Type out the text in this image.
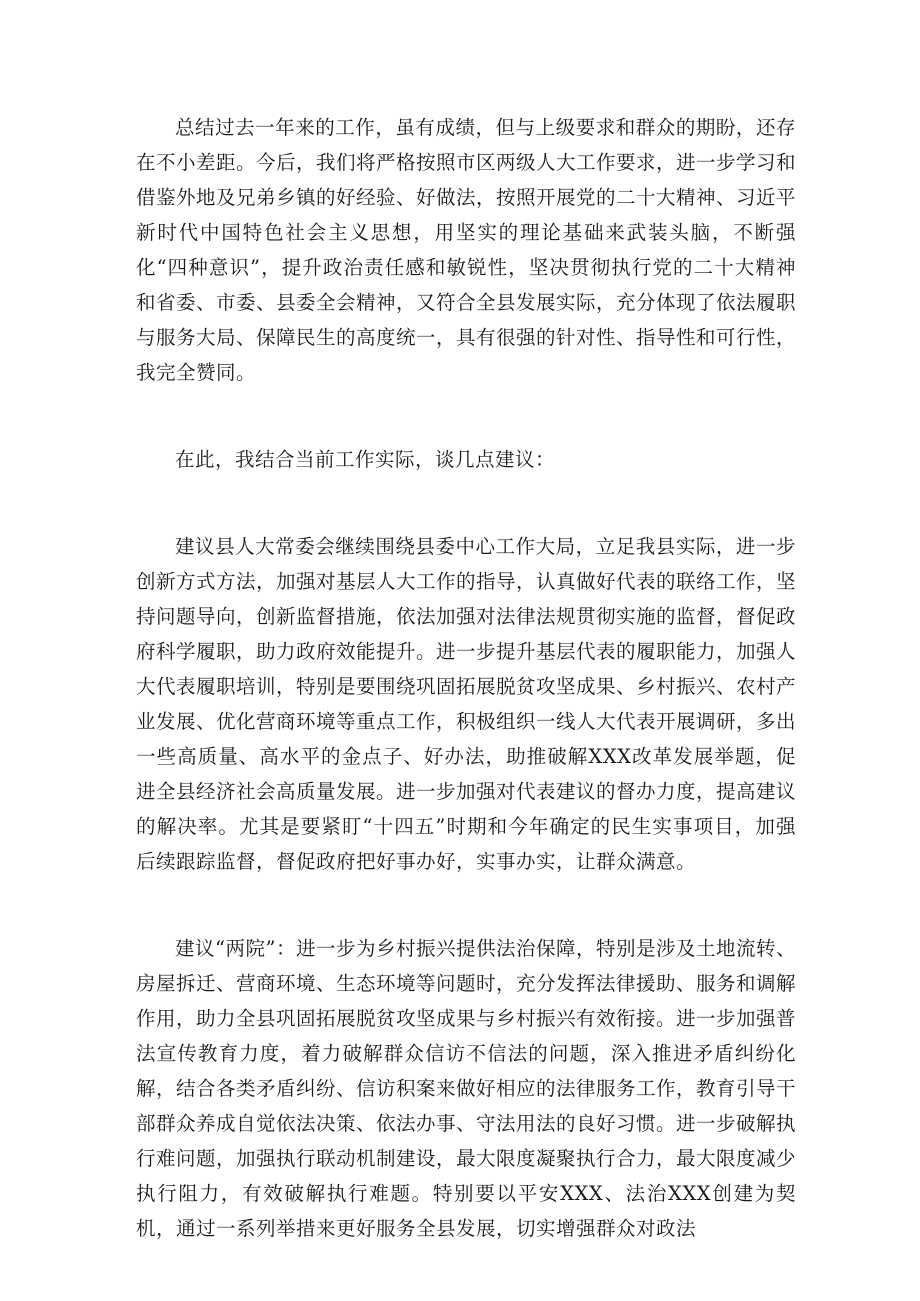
总结过去一年来的工作，虽有成绩，但与上级要求和群众的期盼，还存在不小差距。今后，我们将严格按照市区两级人大工作要求，进一步学习和借鉴外地及兄弟乡镇的好经验、好做法，按照开展党的二十大精神、习近平新时代中国特色社会主义思想，用坚实的理论基础来武装头脑，不断强化“四种意识”，提升政治责任感和敏锐性，坚决贯彻执行党的二十大精神和省委、市委、县委全会精神，又符合全县发展实际，充分体现了依法履职与服务大局、保障民生的高度统一，具有很强的针对性、指导性和可行性，我完全赞同。

在此，我结合当前工作实际，谈几点建议：

建议县人大常委会继续围绕县委中心工作大局，立足我县实际，进一步创新方式方法，加强对基层人大工作的指导，认真做好代表的联络工作，坚持问题导向，创新监督措施，依法加强对法律法规贯彻实施的监督，督促政府科学履职，助力政府效能提升。进一步提升基层代表的履职能力，加强人大代表履职培训，特别是要围绕巩固拓展脱贫攻坚成果、乡村振兴、农村产业发展、优化营商环境等重点工作，积极组织一线人大代表开展调研，多出一些高质量、高水平的金点子、好办法，助推破解XXX改革发展举题，促进全县经济社会高质量发展。进一步加强对代表建议的督办力度，提高建议的解决率。尤其是要紧盯“十四五”时期和今年确定的民生实事项目，加强后续跟踪监督，督促政府把好事办好，实事办实，让群众满意。

建议“两院”：进一步为乡村振兴提供法治保障，特别是涉及土地流转、房屋拆迁、营商环境、生态环境等问题时，充分发挥法律援助、服务和调解作用，助力全县巩固拓展脱贫攻坚成果与乡村振兴有效衔接。进一步加强普法宣传教育力度，着力破解群众信访不信法的问题，深入推进矛盾纠纷化解，结合各类矛盾纠纷、信访积案来做好相应的法律服务工作，教育引导干部群众养成自觉依法决策、依法办事、守法用法的良好习惯。进一步破解执行难问题，加强执行联动机制建设，最大限度凝聚执行合力，最大限度减少执行阻力，有效破解执行难题。特别要以平安XXX、法治XXX创建为契机，通过一系列举措来更好服务全县发展，切实增强群众对政法
